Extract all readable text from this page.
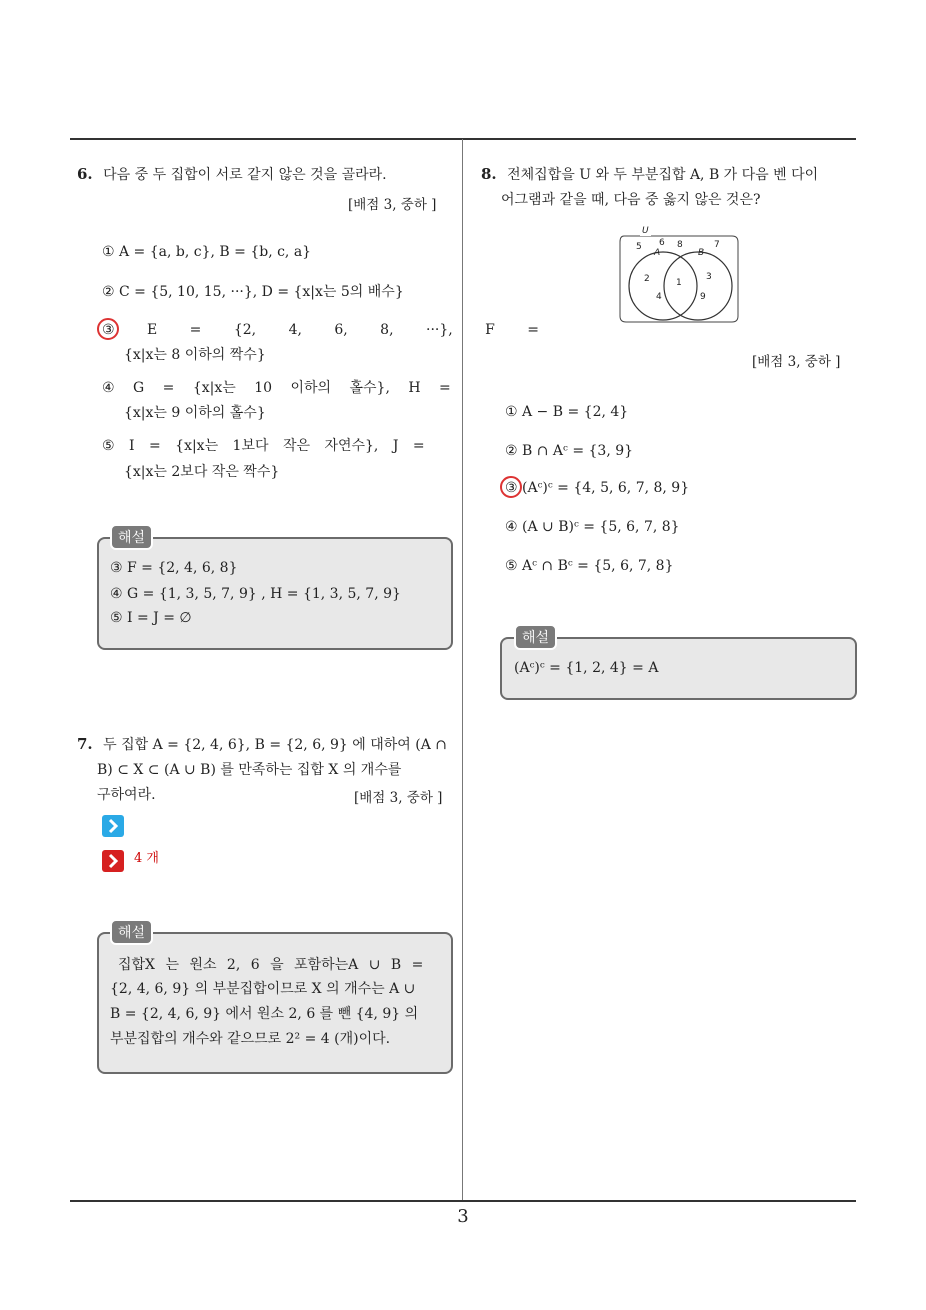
6. 다음 중 두 집합이 서로 같지 않은 것을 골라라.
[배점 3, 중하 ]
① A = {a, b, c}, B = {b, c, a}
② C = {5, 10, 15, ···}, D = {x|x는 5의 배수}
③ E = {2, 4, 6, 8, ···}, F =
{x|x는 8 이하의 짝수}
④ G = {x|x는 10 이하의 홀수}, H =
{x|x는 9 이하의 홀수}
⑤ I = {x|x는 1보다 작은 자연수}, J =
{x|x는 2보다 작은 짝수}
해설
③ F = {2, 4, 6, 8}
④ G = {1, 3, 5, 7, 9} , H = {1, 3, 5, 7, 9}
⑤ I = J = ∅
7. 두 집합 A = {2, 4, 6}, B = {2, 6, 9} 에 대하여 (A ∩
B) ⊂ X ⊂ (A ∪ B) 를 만족하는 집합 X 의 개수를
구하여라.	[배점 3, 중하 ]
4 개
해설
집합X 는 원소 2, 6 을 포함하는A ∪ B =
{2, 4, 6, 9} 의 부분집합이므로 X 의 개수는 A ∪
B = {2, 4, 6, 9} 에서 원소 2, 6 를 뺀 {4, 9} 의
부분집합의 개수와 같으므로 2² = 4 (개)이다.
8. 전체집합을 U 와 두 부분집합 A, B 가 다음 벤 다이
어그램과 같을 때, 다음 중 옳지 않은 것은?
U
A	B
5 6 8	7
2
4
1
3
9
[배점 3, 중하 ]
① A − B = {2, 4}
② B ∩ Aᶜ = {3, 9}
③ (Aᶜ)ᶜ = {4, 5, 6, 7, 8, 9}
④ (A ∪ B)ᶜ = {5, 6, 7, 8}
⑤ Aᶜ ∩ Bᶜ = {5, 6, 7, 8}
해설
(Aᶜ)ᶜ = {1, 2, 4} = A
3
